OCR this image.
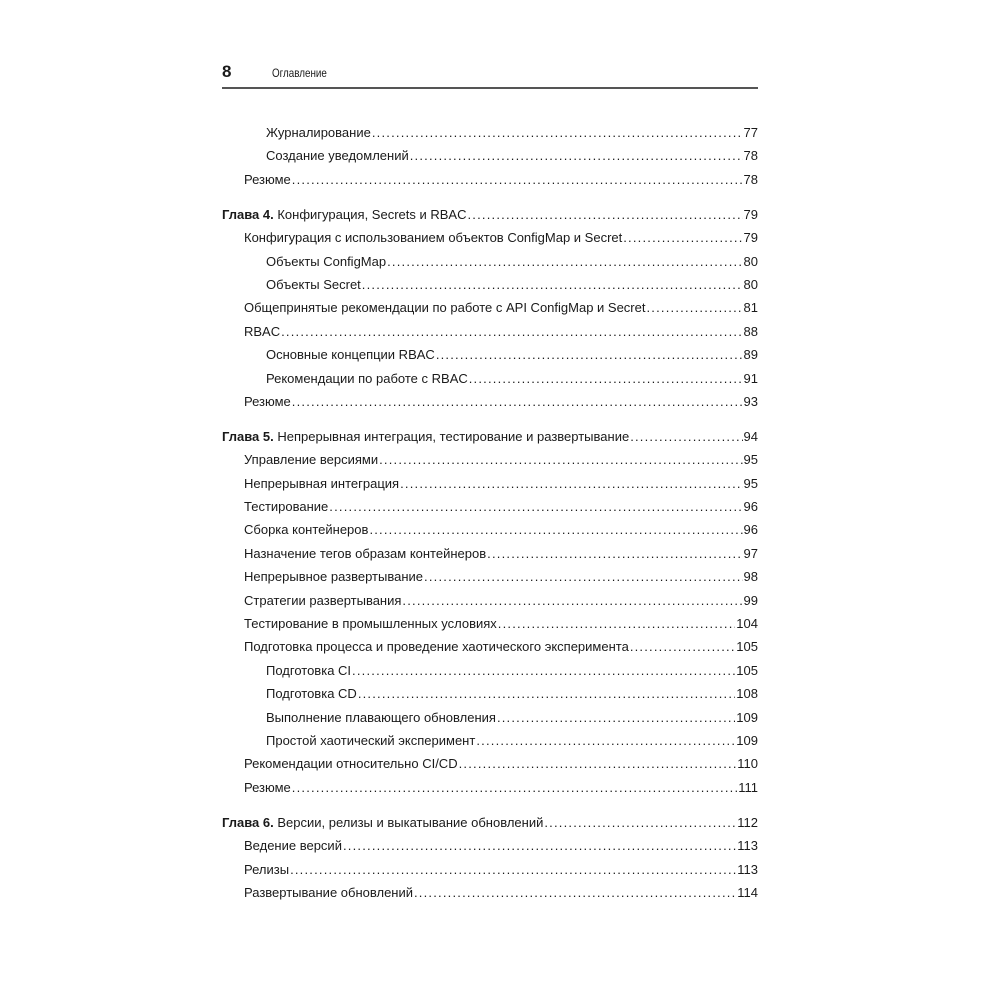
8	Оглавление
Журналирование .....	77
Создание уведомлений .....	78
Резюме .....	78
Глава 4. Конфигурация, Secrets и RBAC .....	79
Конфигурация с использованием объектов ConfigMap и Secret .....	79
Объекты ConfigMap .....	80
Объекты Secret .....	80
Общепринятые рекомендации по работе с API ConfigMap и Secret .....	81
RBAC .....	88
Основные концепции RBAC .....	89
Рекомендации по работе с RBAC .....	91
Резюме .....	93
Глава 5. Непрерывная интеграция, тестирование и развертывание .....	94
Управление версиями .....	95
Непрерывная интеграция .....	95
Тестирование .....	96
Сборка контейнеров .....	96
Назначение тегов образам контейнеров .....	97
Непрерывное развертывание .....	98
Стратегии развертывания .....	99
Тестирование в промышленных условиях .....	104
Подготовка процесса и проведение хаотического эксперимента .....	105
Подготовка CI .....	105
Подготовка CD .....	108
Выполнение плавающего обновления .....	109
Простой хаотический эксперимент .....	109
Рекомендации относительно CI/CD .....	110
Резюме .....	111
Глава 6. Версии, релизы и выкатывание обновлений .....	112
Ведение версий .....	113
Релизы .....	113
Развертывание обновлений .....	114
